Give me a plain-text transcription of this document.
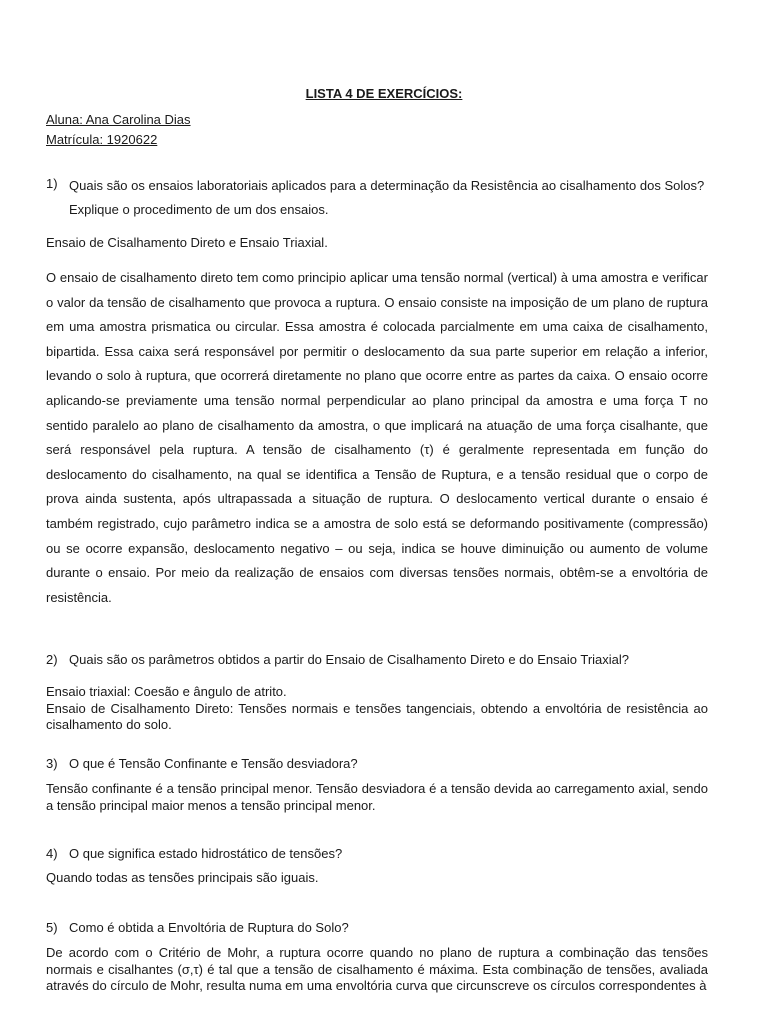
LISTA 4 DE EXERCÍCIOS:

Aluna: Ana Carolina Dias
Matrícula: 1920622
1) Quais são os ensaios laboratoriais aplicados para a determinação da Resistência ao cisalhamento dos Solos? Explique o procedimento de um dos ensaios.

Ensaio de Cisalhamento Direto e Ensaio Triaxial.

O ensaio de cisalhamento direto tem como principio aplicar uma tensão normal (vertical) à uma amostra e verificar o valor da tensão de cisalhamento que provoca a ruptura. O ensaio consiste na imposição de um plano de ruptura em uma amostra prismatica ou circular. Essa amostra é colocada parcialmente em uma caixa de cisalhamento, bipartida. Essa caixa será responsável por permitir o deslocamento da sua parte superior em relação a inferior, levando o solo à ruptura, que ocorrerá diretamente no plano que ocorre entre as partes da caixa. O ensaio ocorre aplicando-se previamente uma tensão normal perpendicular ao plano principal da amostra e uma força T no sentido paralelo ao plano de cisalhamento da amostra, o que implicará na atuação de uma força cisalhante, que será responsável pela ruptura. A tensão de cisalhamento (τ) é geralmente representada em função do deslocamento do cisalhamento, na qual se identifica a Tensão de Ruptura, e a tensão residual que o corpo de prova ainda sustenta, após ultrapassada a situação de ruptura. O deslocamento vertical durante o ensaio é também registrado, cujo parâmetro indica se a amostra de solo está se deformando positivamente (compressão) ou se ocorre expansão, deslocamento negativo – ou seja, indica se houve diminuição ou aumento de volume durante o ensaio. Por meio da realização de ensaios com diversas tensões normais, obtêm-se a envoltória de resistência.

2) Quais são os parâmetros obtidos a partir do Ensaio de Cisalhamento Direto e do Ensaio Triaxial?
Ensaio triaxial: Coesão e ângulo de atrito.
Ensaio de Cisalhamento Direto: Tensões normais e tensões tangenciais, obtendo a envoltória de resistência ao cisalhamento do solo.
3) O que é Tensão Confinante e Tensão desviadora?

Tensão confinante é a tensão principal menor. Tensão desviadora é a tensão devida ao carregamento axial, sendo a tensão principal maior menos a tensão principal menor.

4) O que significa estado hidrostático de tensões?

Quando todas as tensões principais são iguais.

5) Como é obtida a Envoltória de Ruptura do Solo?

De acordo com o Critério de Mohr, a ruptura ocorre quando no plano de ruptura a combinação das tensões normais e cisalhantes (σ,τ) é tal que a tensão de cisalhamento é máxima. Esta combinação de tensões, avaliada através do círculo de Mohr, resulta numa em uma envoltória curva que circunscreve os círculos correspondentes à
